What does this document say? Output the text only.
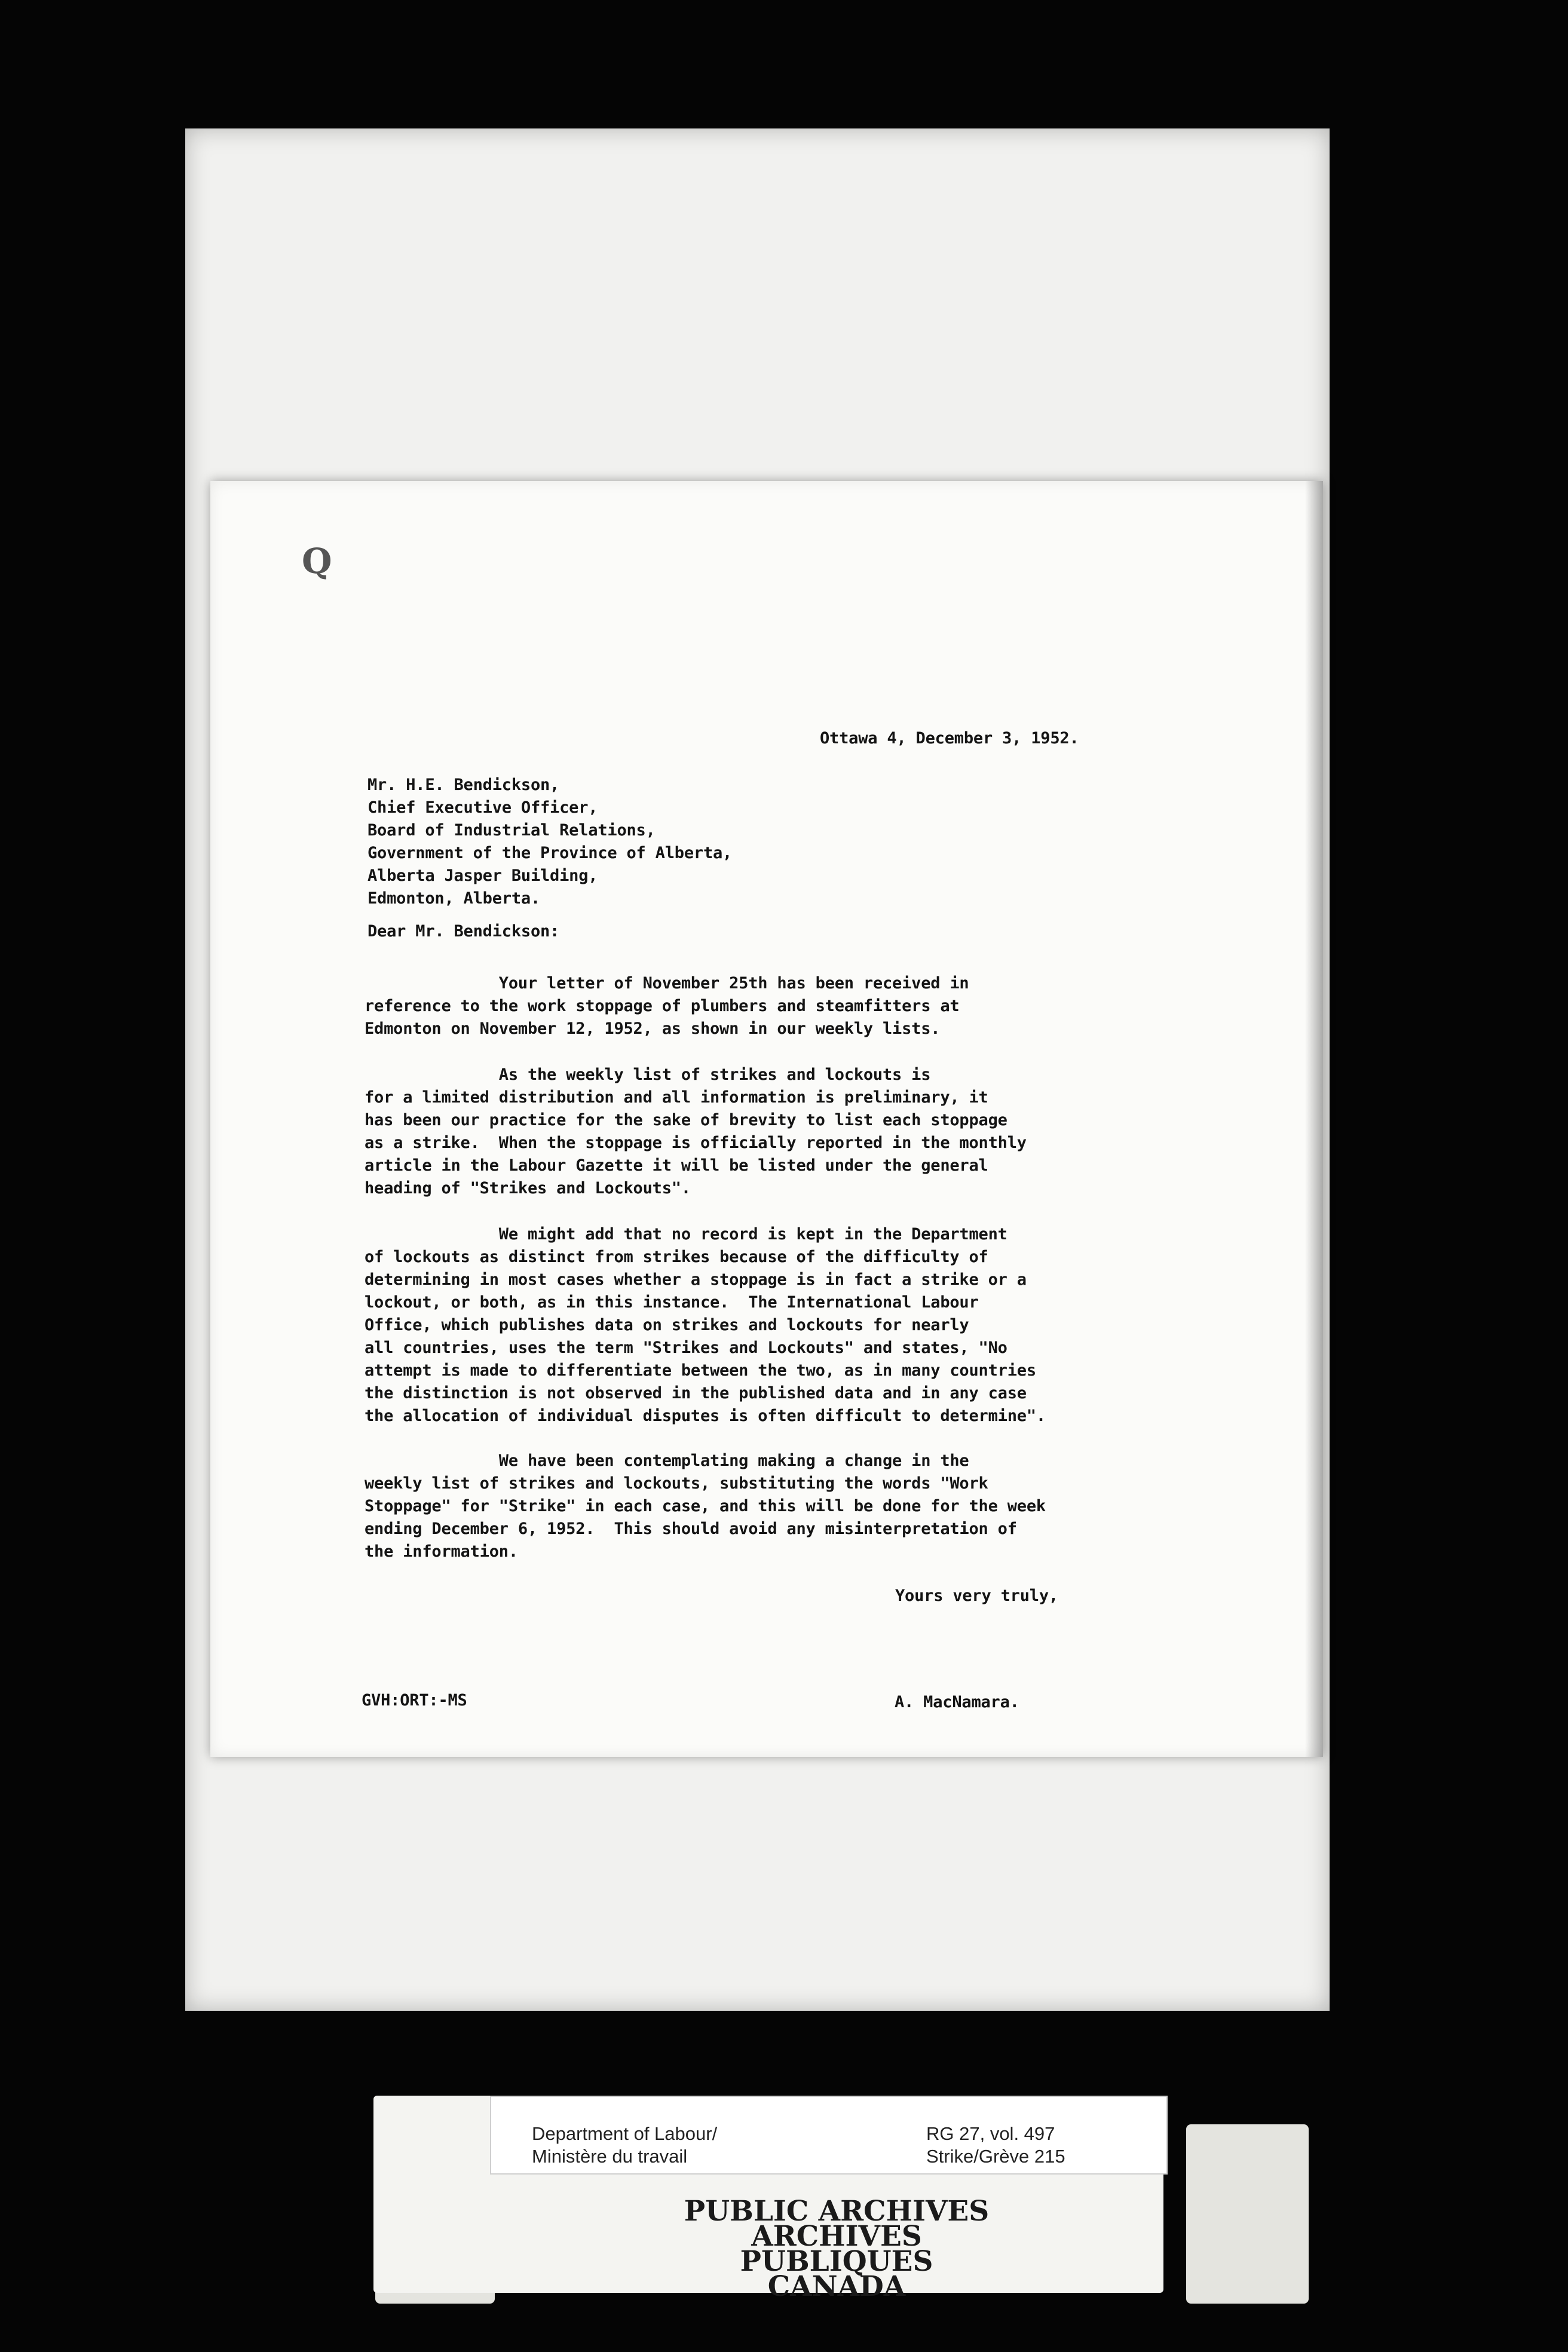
Q

Ottawa 4, December 3, 1952.

Mr. H.E. Bendickson,
Chief Executive Officer,
Board of Industrial Relations,
Government of the Province of Alberta,
Alberta Jasper Building,
Edmonton, Alberta.

Dear Mr. Bendickson:

Your letter of November 25th has been received in
reference to the work stoppage of plumbers and steamfitters at
Edmonton on November 12, 1952, as shown in our weekly lists.
As the weekly list of strikes and lockouts is
for a limited distribution and all information is preliminary, it
has been our practice for the sake of brevity to list each stoppage
as a strike.  When the stoppage is officially reported in the monthly
article in the Labour Gazette it will be listed under the general
heading of "Strikes and Lockouts".
We might add that no record is kept in the Department
of lockouts as distinct from strikes because of the difficulty of
determining in most cases whether a stoppage is in fact a strike or a
lockout, or both, as in this instance.  The International Labour
Office, which publishes data on strikes and lockouts for nearly
all countries, uses the term "Strikes and Lockouts" and states, "No
attempt is made to differentiate between the two, as in many countries
the distinction is not observed in the published data and in any case
the allocation of individual disputes is often difficult to determine".
We have been contemplating making a change in the
weekly list of strikes and lockouts, substituting the words "Work
Stoppage" for "Strike" in each case, and this will be done for the week
ending December 6, 1952.  This should avoid any misinterpretation of
the information.

Yours very truly,

GVH:ORT:-MS	A. MacNamara.

Department of Labour/
Ministère du travail
RG 27, vol. 497
Strike/Grève 215
PUBLIC ARCHIVES
ARCHIVES PUBLIQUES
CANADA
